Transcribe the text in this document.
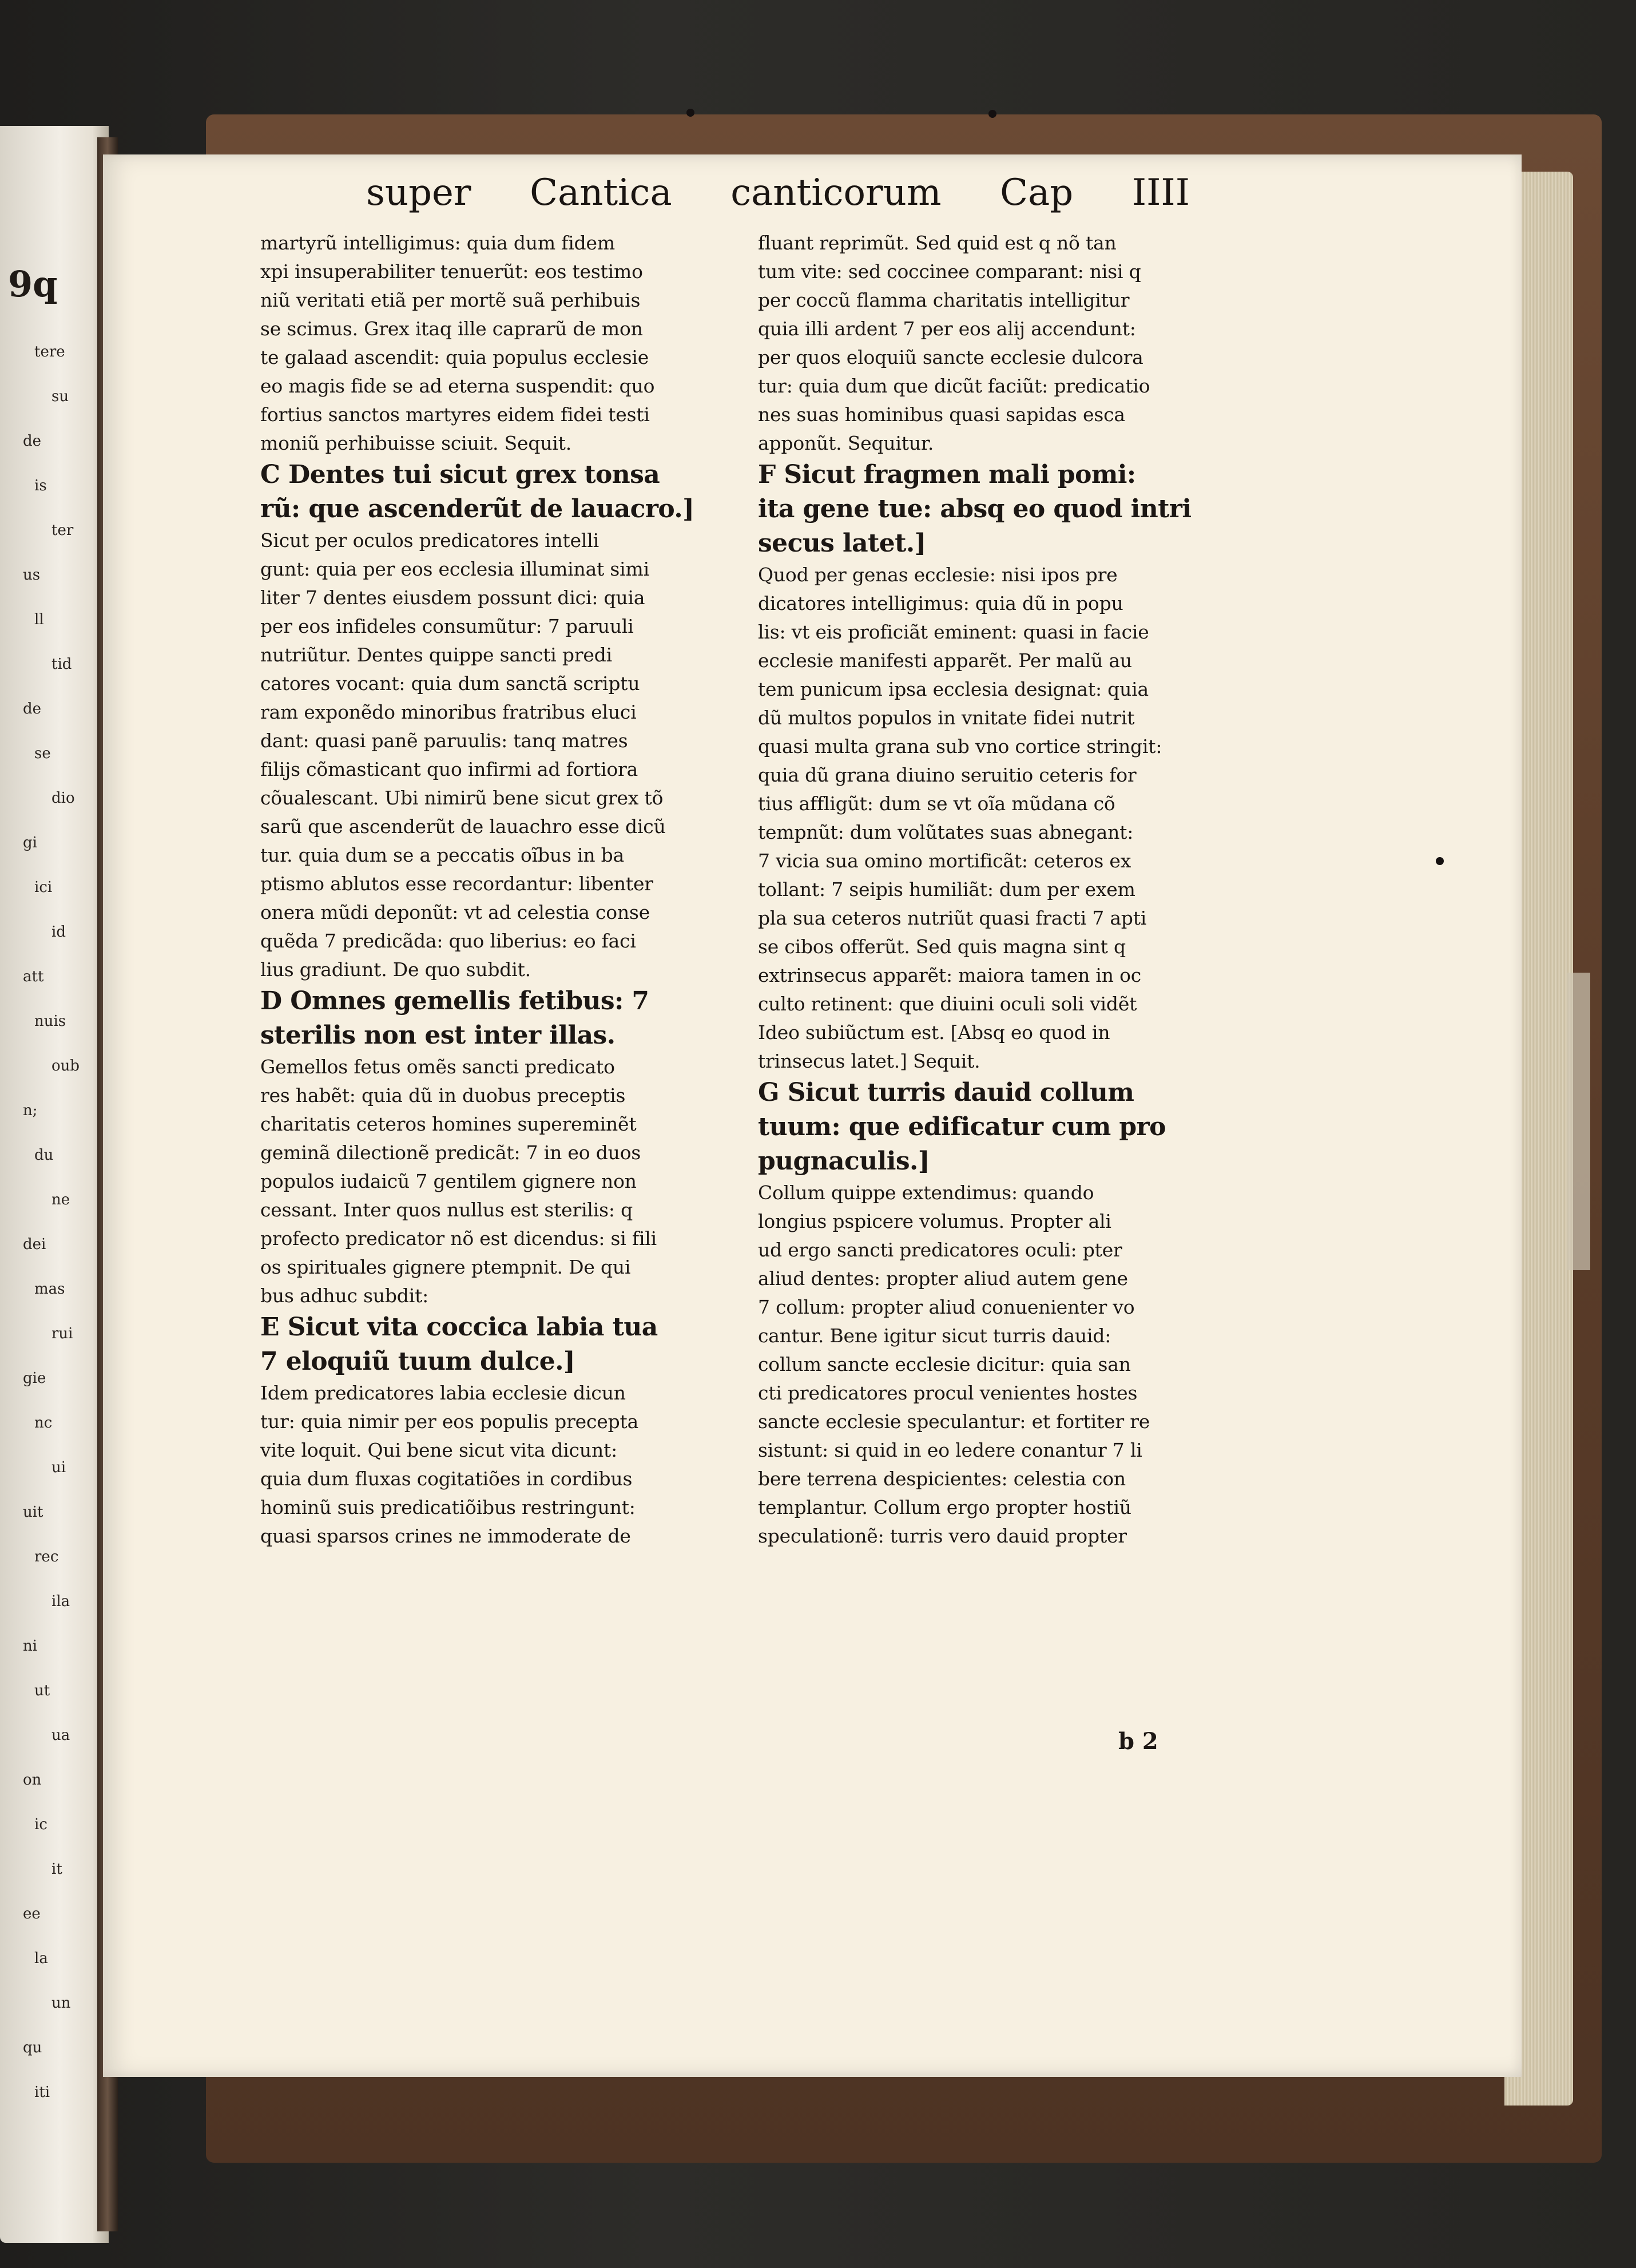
9q
tere
su
de
is
ter
us
ll
tid
de
se
dio
gi
ici
id
att
nuis
oub
n;
du
ne
dei
mas
rui
gie
nc
ui
uit
rec
ila
ni
ut
ua
on
ic
it
ee
la
un
qu
iti
super Cantica canticorum Cap IIII
martyrũ intelligimus: quia dum fidem
xpi insuperabiliter tenuerũt: eos testimo
niũ veritati etiã per mortẽ suã perhibuis
se scimus. Grex itaq ille caprarũ de mon
te galaad ascendit: quia populus ecclesie
eo magis fide se ad eterna suspendit: quo
fortius sanctos martyres eidem fidei testi
moniũ perhibuisse sciuit. Sequit.
C Dentes tui sicut grex tonsa
rũ: que ascenderũt de lauacro.]
Sicut per oculos predicatores intelli
gunt: quia per eos ecclesia illuminat simi
liter 7 dentes eiusdem possunt dici: quia
per eos infideles consumũtur: 7 paruuli
nutriũtur. Dentes quippe sancti predi
catores vocant: quia dum sanctã scriptu
ram exponẽdo minoribus fratribus eluci
dant: quasi panẽ paruulis: tanq matres
filijs cõmasticant quo infirmi ad fortiora
cõualescant. Ubi nimirũ bene sicut grex tõ
sarũ que ascenderũt de lauachro esse dicũ
tur. quia dum se a peccatis oĩbus in ba
ptismo ablutos esse recordantur: libenter
onera mũdi deponũt: vt ad celestia conse
quẽda 7 predicãda: quo liberius: eo faci
lius gradiunt. De quo subdit.
D Omnes gemellis fetibus: 7
sterilis non est inter illas.
Gemellos fetus omẽs sancti predicato
res habẽt: quia dũ in duobus preceptis
charitatis ceteros homines supereminẽt
geminã dilectionẽ predicãt: 7 in eo duos
populos iudaicũ 7 gentilem gignere non
cessant. Inter quos nullus est sterilis: q
profecto predicator nõ est dicendus: si fili
os spirituales gignere ptempnit. De qui
bus adhuc subdit:
E Sicut vita coccica labia tua
7 eloquiũ tuum dulce.]
Idem predicatores labia ecclesie dicun
tur: quia nimir per eos populis precepta
vite loquit. Qui bene sicut vita dicunt:
quia dum fluxas cogitatiões in cordibus
hominũ suis predicatiõibus restringunt:
quasi sparsos crines ne immoderate de
fluant reprimũt. Sed quid est q nõ tan
tum vite: sed coccinee comparant: nisi q
per coccũ flamma charitatis intelligitur
quia illi ardent 7 per eos alij accendunt:
per quos eloquiũ sancte ecclesie dulcora
tur: quia dum que dicũt faciũt: predicatio
nes suas hominibus quasi sapidas esca
apponũt. Sequitur.
F Sicut fragmen mali pomi:
ita gene tue: absq eo quod intri
secus latet.]
Quod per genas ecclesie: nisi ipos pre
dicatores intelligimus: quia dũ in popu
lis: vt eis proficiãt eminent: quasi in facie
ecclesie manifesti apparẽt. Per malũ au
tem punicum ipsa ecclesia designat: quia
dũ multos populos in vnitate fidei nutrit
quasi multa grana sub vno cortice stringit:
quia dũ grana diuino seruitio ceteris for
tius affligũt: dum se vt oĩa mũdana cõ
tempnũt: dum volũtates suas abnegant:
7 vicia sua omino mortificãt: ceteros ex
tollant: 7 seipis humiliãt: dum per exem
pla sua ceteros nutriũt quasi fracti 7 apti
se cibos offerũt. Sed quis magna sint q
extrinsecus apparẽt: maiora tamen in oc
culto retinent: que diuini oculi soli vidẽt
Ideo subiũctum est. [Absq eo quod in
trinsecus latet.] Sequit.
G Sicut turris dauid collum
tuum: que edificatur cum pro
pugnaculis.]
Collum quippe extendimus: quando
longius pspicere volumus. Propter ali
ud ergo sancti predicatores oculi: pter
aliud dentes: propter aliud autem gene
7 collum: propter aliud conuenienter vo
cantur. Bene igitur sicut turris dauid:
collum sancte ecclesie dicitur: quia san
cti predicatores procul venientes hostes
sancte ecclesie speculantur: et fortiter re
sistunt: si quid in eo ledere conantur 7 li
bere terrena despicientes: celestia con
templantur. Collum ergo propter hostiũ
speculationẽ: turris vero dauid propter
b 2
